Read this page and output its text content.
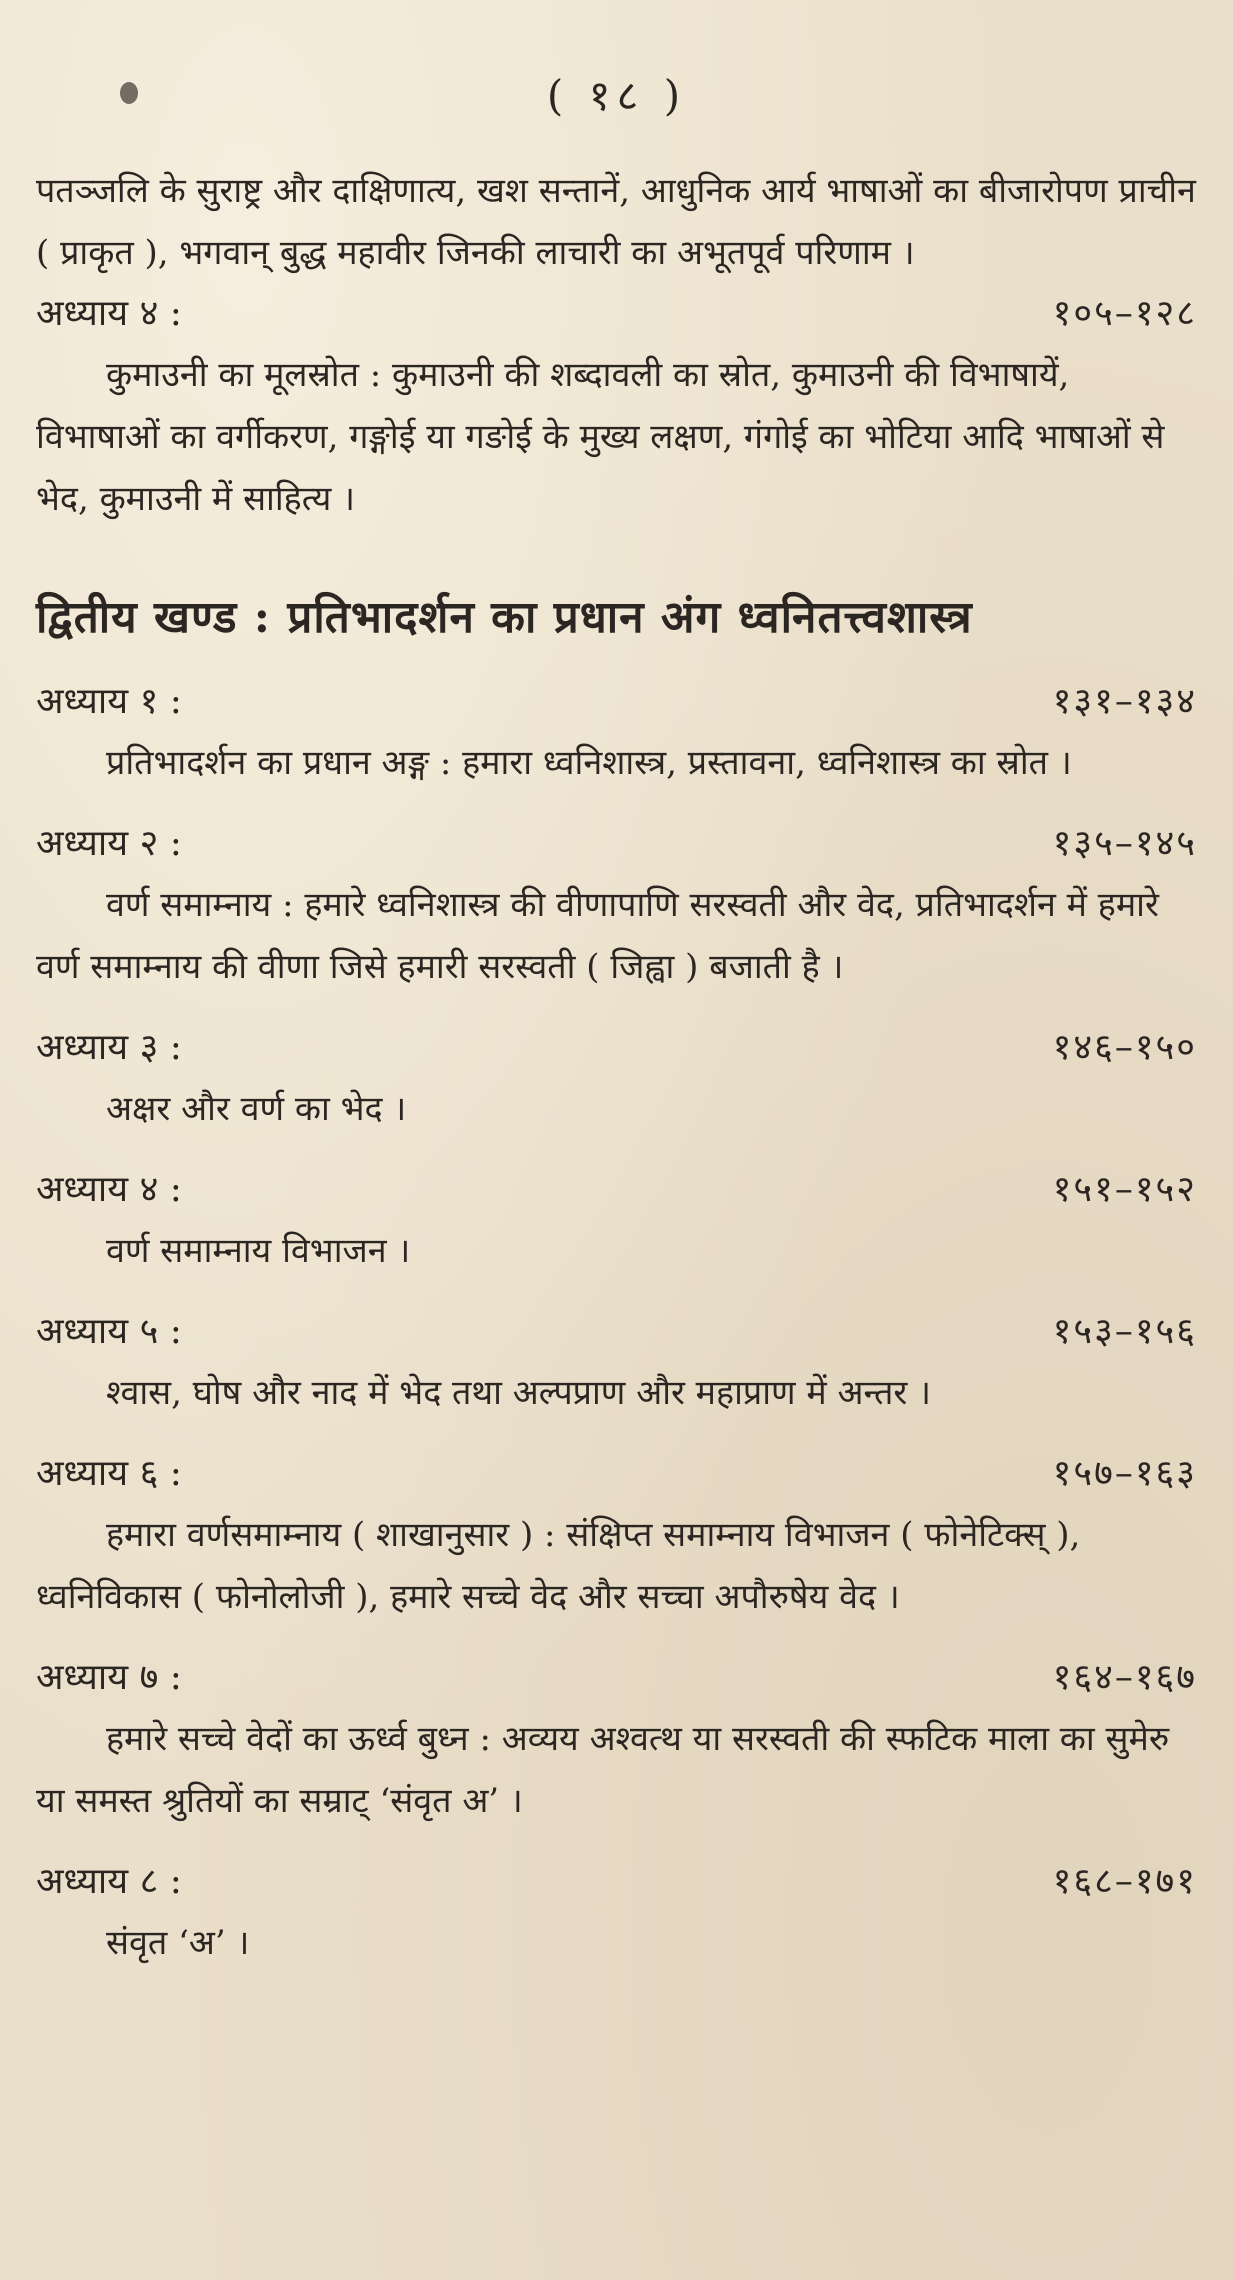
( १८ )

पतञ्जलि के सुराष्ट्र और दाक्षिणात्य, खश सन्तानें, आधुनिक आर्य भाषाओं का बीजारोपण प्राचीन ( प्राकृत ), भगवान् बुद्ध महावीर जिनकी लाचारी का अभूतपूर्व परिणाम ।

अध्याय ४ :	१०५–१२८

कुमाउनी का मूलस्रोत : कुमाउनी की शब्दावली का स्रोत, कुमाउनी की विभाषायें, विभाषाओं का वर्गीकरण, गङ्गोई या गङोई के मुख्य लक्षण, गंगोई का भोटिया आदि भाषाओं से भेद, कुमाउनी में साहित्य ।

द्वितीय खण्ड : प्रतिभादर्शन का प्रधान अंग ध्वनितत्त्वशास्त्र
अध्याय १ :	१३१–१३४

प्रतिभादर्शन का प्रधान अङ्ग : हमारा ध्वनिशास्त्र, प्रस्तावना, ध्वनिशास्त्र का स्रोत ।

अध्याय २ :	१३५–१४५

वर्ण समाम्नाय : हमारे ध्वनिशास्त्र की वीणापाणि सरस्वती और वेद, प्रतिभादर्शन में हमारे वर्ण समाम्नाय की वीणा जिसे हमारी सरस्वती ( जिह्वा ) बजाती है ।

अध्याय ३ :	१४६–१५०

अक्षर और वर्ण का भेद ।

अध्याय ४ :	१५१–१५२

वर्ण समाम्नाय विभाजन ।

अध्याय ५ :	१५३–१५६

श्वास, घोष और नाद में भेद तथा अल्पप्राण और महाप्राण में अन्तर ।

अध्याय ६ :	१५७–१६३

हमारा वर्णसमाम्नाय ( शाखानुसार ) : संक्षिप्त समाम्नाय विभाजन ( फोनेटिक्स् ), ध्वनिविकास ( फोनोलोजी ), हमारे सच्चे वेद और सच्चा अपौरुषेय वेद ।

अध्याय ७ :	१६४–१६७

हमारे सच्चे वेदों का ऊर्ध्व बुध्न : अव्यय अश्वत्थ या सरस्वती की स्फटिक माला का सुमेरु या समस्त श्रुतियों का सम्राट् ‘संवृत अ’ ।

अध्याय ८ :	१६८–१७१

संवृत ‘अ’ ।
